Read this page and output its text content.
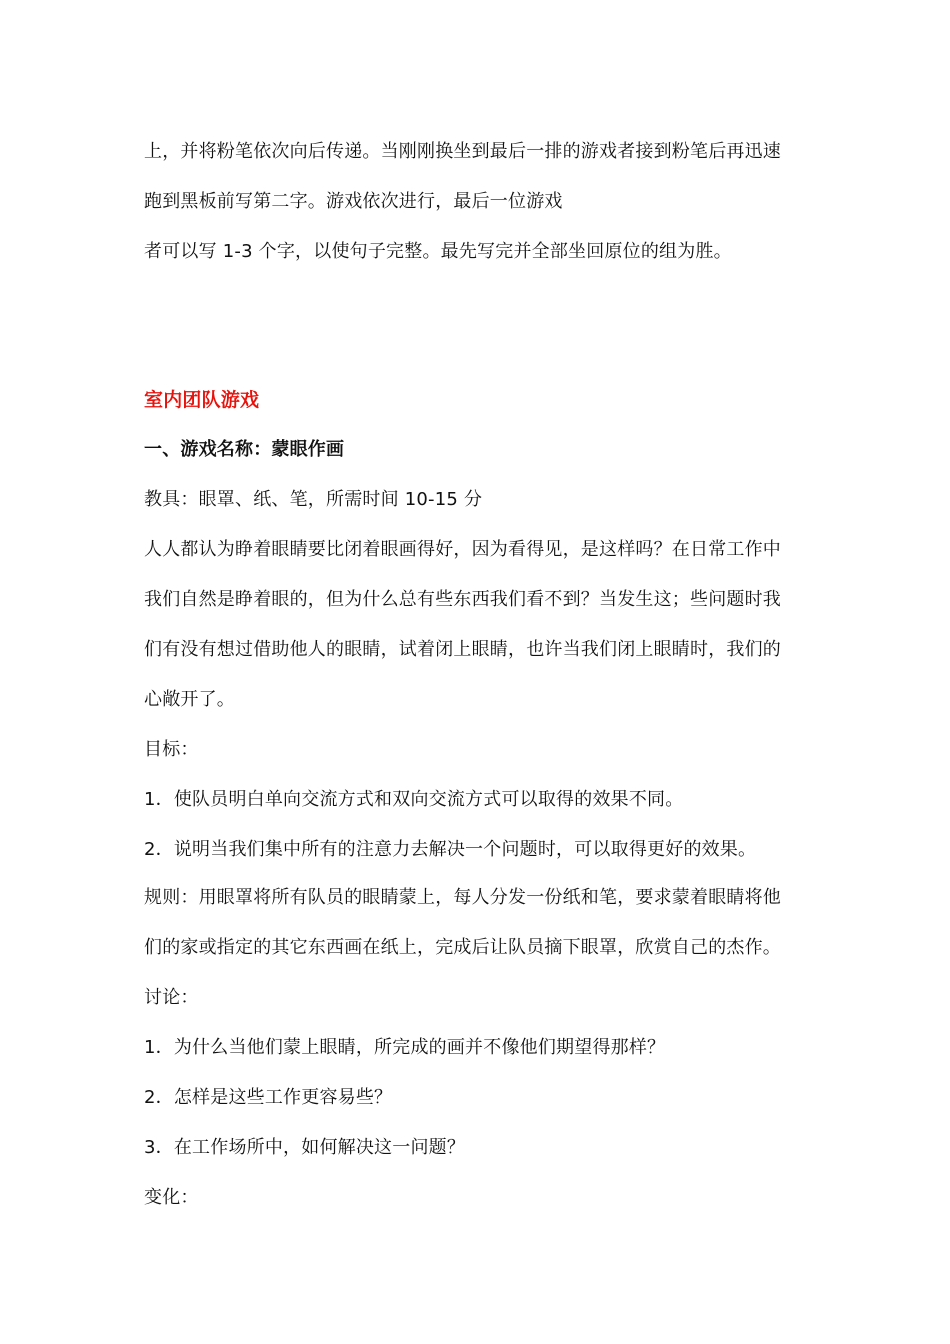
上，并将粉笔依次向后传递。当刚刚换坐到最后一排的游戏者接到粉笔后再迅速
跑到黑板前写第二字。游戏依次进行，最后一位游戏
者可以写 1-3 个字，以使句子完整。最先写完并全部坐回原位的组为胜。
室内团队游戏
一、游戏名称：蒙眼作画
教具：眼罩、纸、笔，所需时间 10-15 分
人人都认为睁着眼睛要比闭着眼画得好，因为看得见，是这样吗？在日常工作中
我们自然是睁着眼的，但为什么总有些东西我们看不到？当发生这；些问题时我
们有没有想过借助他人的眼睛，试着闭上眼睛，也许当我们闭上眼睛时，我们的
心敞开了。
目标：
1．使队员明白单向交流方式和双向交流方式可以取得的效果不同。
2．说明当我们集中所有的注意力去解决一个问题时，可以取得更好的效果。
规则：用眼罩将所有队员的眼睛蒙上，每人分发一份纸和笔，要求蒙着眼睛将他
们的家或指定的其它东西画在纸上，完成后让队员摘下眼罩，欣赏自己的杰作。
讨论：
1．为什么当他们蒙上眼睛，所完成的画并不像他们期望得那样？
2．怎样是这些工作更容易些？
3．在工作场所中，如何解决这一问题？
变化：
